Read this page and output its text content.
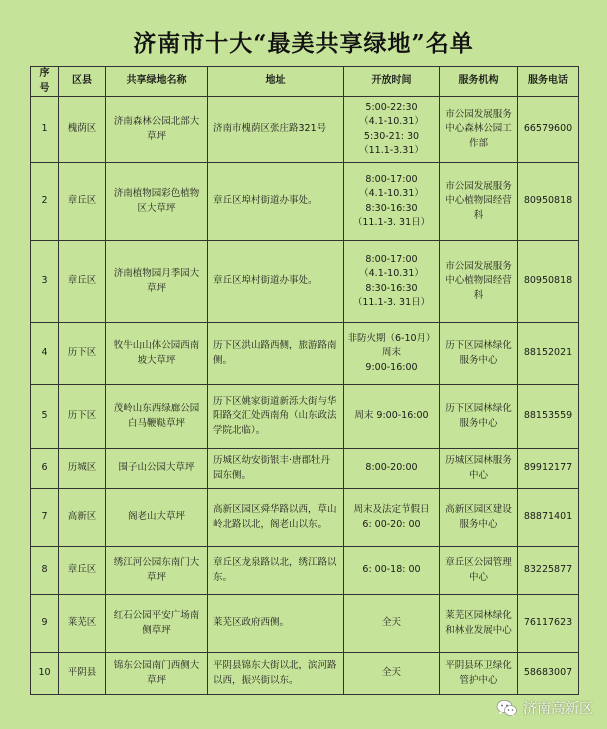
济南市十大“最美共享绿地”名单
序号	区县	共享绿地名称	地址	开放时间	服务机构	服务电话
1	槐荫区	济南森林公园北部大草坪	济南市槐荫区张庄路321号	5:00-22:30
（4.1-10.31）
5:30-21: 30
（11.1-3.31）	市公园发展服务中心森林公园工作部	66579600
2	章丘区	济南植物园彩色植物区大草坪	章丘区埠村街道办事处。	8:00-17:00
（4.1-10.31）
8:30-16:30
（11.1-3. 31日）	市公园发展服务中心植物园经营科	80950818
3	章丘区	济南植物园月季园大草坪	章丘区埠村街道办事处。	8:00-17:00
（4.1-10.31）
8:30-16:30
（11.1-3. 31日）	市公园发展服务中心植物园经营科	80950818
4	历下区	牧牛山山体公园西南坡大草坪	历下区洪山路西侧，旅游路南侧。	非防火期（6-10月）周末
9:00-16:00	历下区园林绿化服务中心	88152021
5	历下区	茂岭山东西绿廊公园白马鞭鞑草坪	历下区姚家街道新泺大街与华阳路交汇处西南角（山东政法学院北临）。	周末 9:00-16:00	历下区园林绿化服务中心	88153559
6	历城区	围子山公园大草坪	历城区幼安街银丰·唐郡牡丹园东侧。	8:00-20:00	历城区园林服务中心	89912177
7	高新区	阁老山大草坪	高新区园区舜华路以西，草山岭北路以北，阁老山以东。	周末及法定节假日
6: 00-20: 00	高新区园区建设服务中心	88871401
8	章丘区	绣江河公园东南门大草坪	章丘区龙泉路以北，绣江路以东。	6: 00-18: 00	章丘区公园管理中心	83225877
9	莱芜区	红石公园平安广场南侧草坪	莱芜区政府西侧。	全天	莱芜区园林绿化和林业发展中心	76117623
10	平阴县	锦东公园南门西侧大草坪	平阴县锦东大街以北，滨河路以西，振兴街以东。	全天	平阴县环卫绿化管护中心	58683007
济南高新区
